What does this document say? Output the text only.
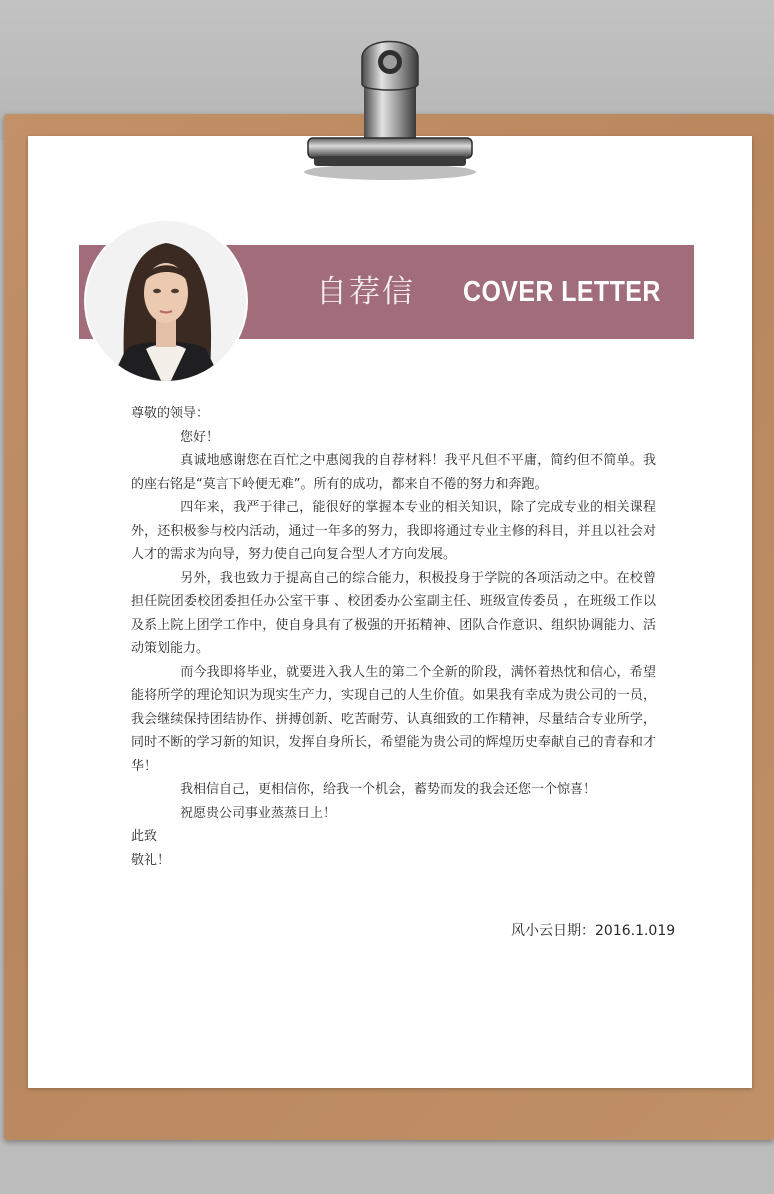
自荐信 COVER LETTER
尊敬的领导：
您好！
真诚地感谢您在百忙之中惠阅我的自荐材料！我平凡但不平庸，简约但不简单。我的座右铭是“莫言下岭便无难”。所有的成功，都来自不倦的努力和奔跑。
四年来，我严于律己，能很好的掌握本专业的相关知识，除了完成专业的相关课程外，还积极参与校内活动，通过一年多的努力，我即将通过专业主修的科目，并且以社会对人才的需求为向导，努力使自己向复合型人才方向发展。
另外，我也致力于提高自己的综合能力，积极投身于学院的各项活动之中。在校曾担任院团委校团委担任办公室干事 、校团委办公室副主任、班级宣传委员 ，在班级工作以及系上院上团学工作中，使自身具有了极强的开拓精神、团队合作意识、组织协调能力、活动策划能力。
而今我即将毕业，就要进入我人生的第二个全新的阶段，满怀着热忱和信心，希望能将所学的理论知识为现实生产力，实现自己的人生价值。如果我有幸成为贵公司的一员，我会继续保持团结协作、拼搏创新、吃苦耐劳、认真细致的工作精神，尽量结合专业所学，同时不断的学习新的知识，发挥自身所长，希望能为贵公司的辉煌历史奉献自己的青春和才华！
我相信自己，更相信你，给我一个机会，蓄势而发的我会还您一个惊喜！
祝愿贵公司事业蒸蒸日上！
此致
敬礼！
风小云日期：2016.1.019
